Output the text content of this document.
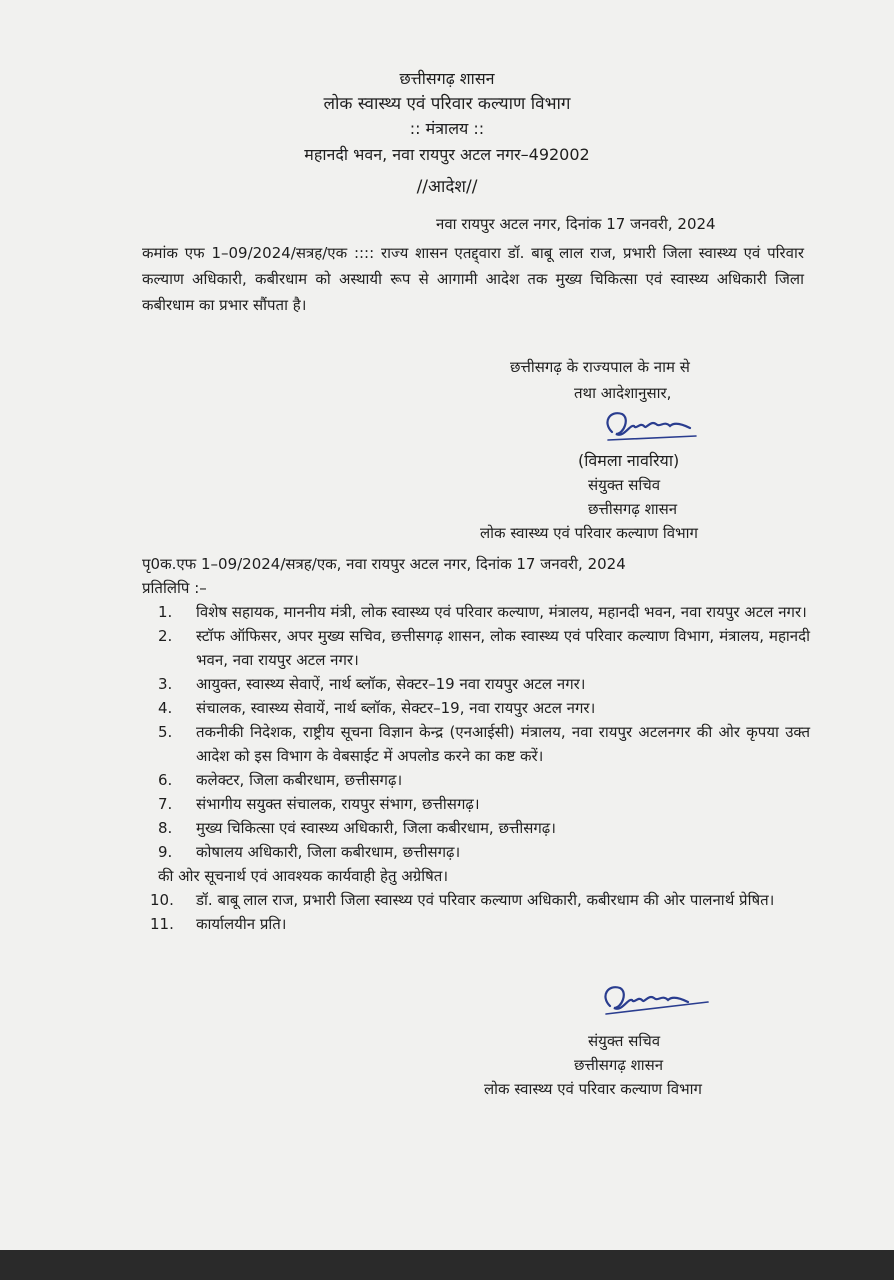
छत्तीसगढ़ शासन
लोक स्वास्थ्य एवं परिवार कल्याण विभाग
:: मंत्रालय ::
महानदी भवन, नवा रायपुर अटल नगर–492002
//आदेश//
नवा रायपुर अटल नगर, दिनांक 17 जनवरी, 2024
कमांक एफ 1–09/2024/सत्रह/एक :::: राज्य शासन एतद्द्वारा डॉ. बाबू लाल राज, प्रभारी जिला स्वास्थ्य एवं परिवार कल्याण अधिकारी, कबीरधाम को अस्थायी रूप से आगामी आदेश तक मुख्य चिकित्सा एवं स्वास्थ्य अधिकारी जिला कबीरधाम का प्रभार सौंपता है।
छत्तीसगढ़ के राज्यपाल के नाम से
तथा आदेशानुसार,
(विमला नावरिया)
संयुक्त सचिव
छत्तीसगढ़ शासन
लोक स्वास्थ्य एवं परिवार कल्याण विभाग
पृ0क.एफ 1–09/2024/सत्रह/एक, नवा रायपुर अटल नगर, दिनांक 17 जनवरी, 2024
प्रतिलिपि :–
1.	विशेष सहायक, माननीय मंत्री, लोक स्वास्थ्य एवं परिवार कल्याण, मंत्रालय, महानदी भवन, नवा रायपुर अटल नगर।
2.	स्टॉफ ऑफिसर, अपर मुख्य सचिव, छत्तीसगढ़ शासन, लोक स्वास्थ्य एवं परिवार कल्याण विभाग, मंत्रालय, महानदी भवन, नवा रायपुर अटल नगर।
3.	आयुक्त, स्वास्थ्य सेवाऐं, नार्थ ब्लॉक, सेक्टर–19 नवा रायपुर अटल नगर।
4.	संचालक, स्वास्थ्य सेवायें, नार्थ ब्लॉक, सेक्टर–19, नवा रायपुर अटल नगर।
5.	तकनीकी निदेशक, राष्ट्रीय सूचना विज्ञान केन्द्र (एनआईसी) मंत्रालय, नवा रायपुर अटलनगर की ओर कृपया उक्त आदेश को इस विभाग के वेबसाईट में अपलोड करने का कष्ट करें।
6.	कलेक्टर, जिला कबीरधाम, छत्तीसगढ़।
7.	संभागीय सयुक्त संचालक, रायपुर संभाग, छत्तीसगढ़।
8.	मुख्य चिकित्सा एवं स्वास्थ्य अधिकारी, जिला कबीरधाम, छत्तीसगढ़।
9.	कोषालय अधिकारी, जिला कबीरधाम, छत्तीसगढ़।
की ओर सूचनार्थ एवं आवश्यक कार्यवाही हेतु अग्रेषित।
10.	डॉ. बाबू लाल राज, प्रभारी जिला स्वास्थ्य एवं परिवार कल्याण अधिकारी, कबीरधाम की ओर पालनार्थ प्रेषित।
11.	कार्यालयीन प्रति।
संयुक्त सचिव
छत्तीसगढ़ शासन
लोक स्वास्थ्य एवं परिवार कल्याण विभाग
